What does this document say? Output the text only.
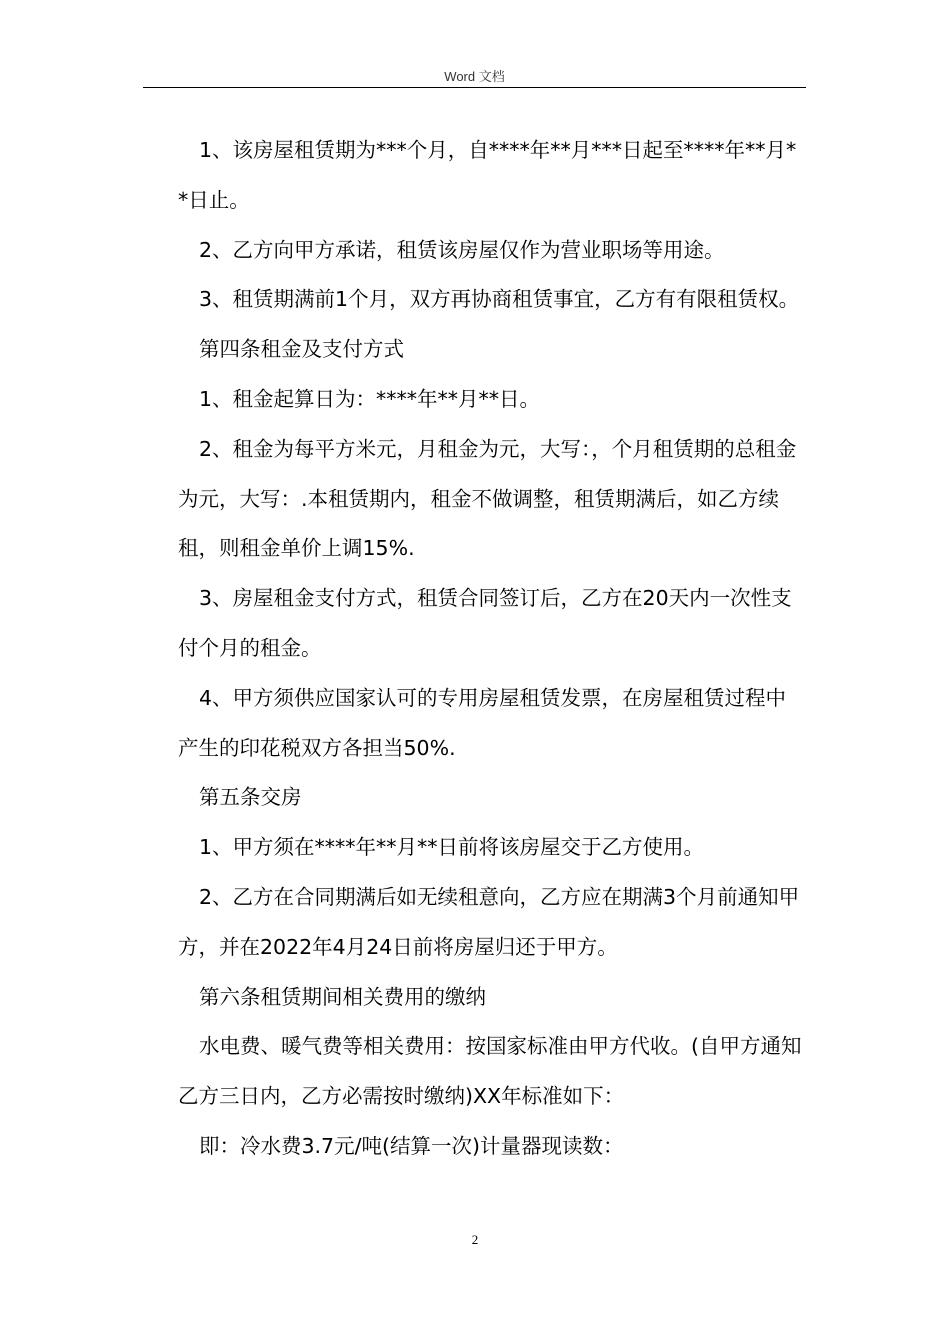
Word 文档

1、该房屋租赁期为***个月，自****年**月***日起至****年**月**日止。

2、乙方向甲方承诺，租赁该房屋仅作为营业职场等用途。

3、租赁期满前1个月，双方再协商租赁事宜，乙方有有限租赁权。

第四条租金及支付方式

1、租金起算日为：****年**月**日。

2、租金为每平方米元，月租金为元，大写：，个月租赁期的总租金为元，大写：.本租赁期内，租金不做调整，租赁期满后，如乙方续租，则租金单价上调15%.

3、房屋租金支付方式，租赁合同签订后，乙方在20天内一次性支付个月的租金。

4、甲方须供应国家认可的专用房屋租赁发票，在房屋租赁过程中产生的印花税双方各担当50%.

第五条交房

1、甲方须在****年**月**日前将该房屋交于乙方使用。

2、乙方在合同期满后如无续租意向，乙方应在期满3个月前通知甲方，并在2022年4月24日前将房屋归还于甲方。

第六条租赁期间相关费用的缴纳

水电费、暖气费等相关费用：按国家标准由甲方代收。(自甲方通知乙方三日内，乙方必需按时缴纳)XX年标准如下：

即：冷水费3.7元/吨(结算一次)计量器现读数：

2
